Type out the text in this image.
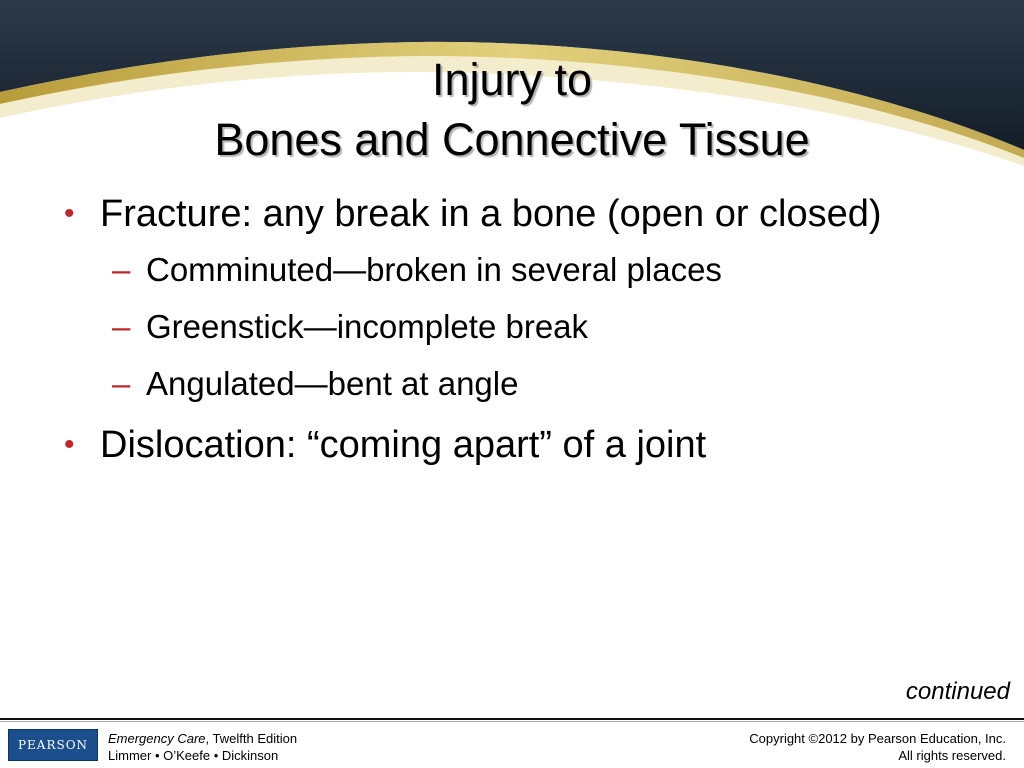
Injury to
Bones and Connective Tissue
• Fracture: any break in a bone (open or closed)
– Comminuted—broken in several places
– Greenstick—incomplete break
– Angulated—bent at angle
• Dislocation: “coming apart” of a joint
continued
PEARSON	Emergency Care, Twelfth Edition
Limmer • O’Keefe • Dickinson
Copyright ©2012 by Pearson Education, Inc.
All rights reserved.
